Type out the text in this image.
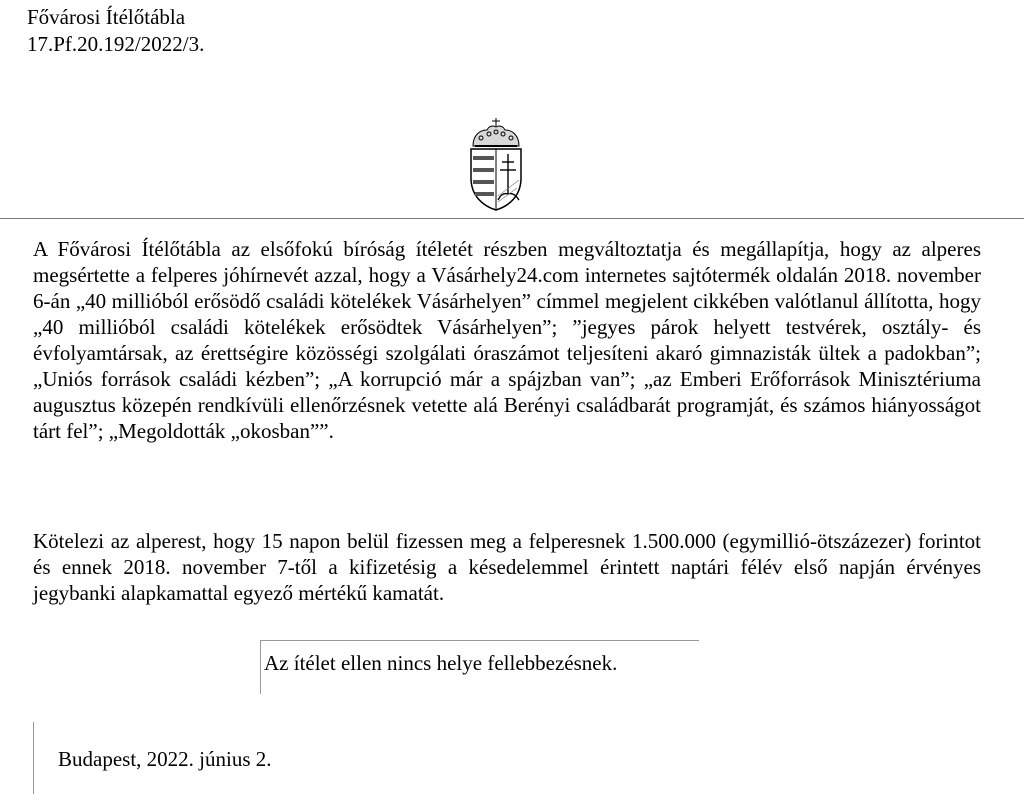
Fővárosi Ítélőtábla
17.Pf.20.192/2022/3.

A Fővárosi Ítélőtábla az elsőfokú bíróság ítéletét részben megváltoztatja és megállapítja, hogy az alperes megsértette a felperes jóhírnevét azzal, hogy a Vásárhely24.com internetes sajtótermék oldalán 2018. november 6-án „40 millióból erősödő családi kötelékek Vásárhelyen” címmel megjelent cikkében valótlanul állította, hogy „40 millióból családi kötelékek erősödtek Vásárhelyen”; ”jegyes párok helyett testvérek, osztály- és évfolyamtársak, az érettségire közösségi szolgálati óraszámot teljesíteni akaró gimnazisták ültek a padokban”; „Uniós források családi kézben”; „A korrupció már a spájzban van”; „az Emberi Erőforrások Minisztériuma augusztus közepén rendkívüli ellenőrzésnek vetette alá Berényi családbarát programját, és számos hiányosságot tárt fel”; „Megoldották „okosban””.

Kötelezi az alperest, hogy 15 napon belül fizessen meg a felperesnek 1.500.000 (egymillió-ötszázezer) forintot és ennek 2018. november 7-től a kifizetésig a késedelemmel érintett naptári félév első napján érvényes jegybanki alapkamattal egyező mértékű kamatát.

Az ítélet ellen nincs helye fellebbezésnek.
Budapest, 2022. június 2.
